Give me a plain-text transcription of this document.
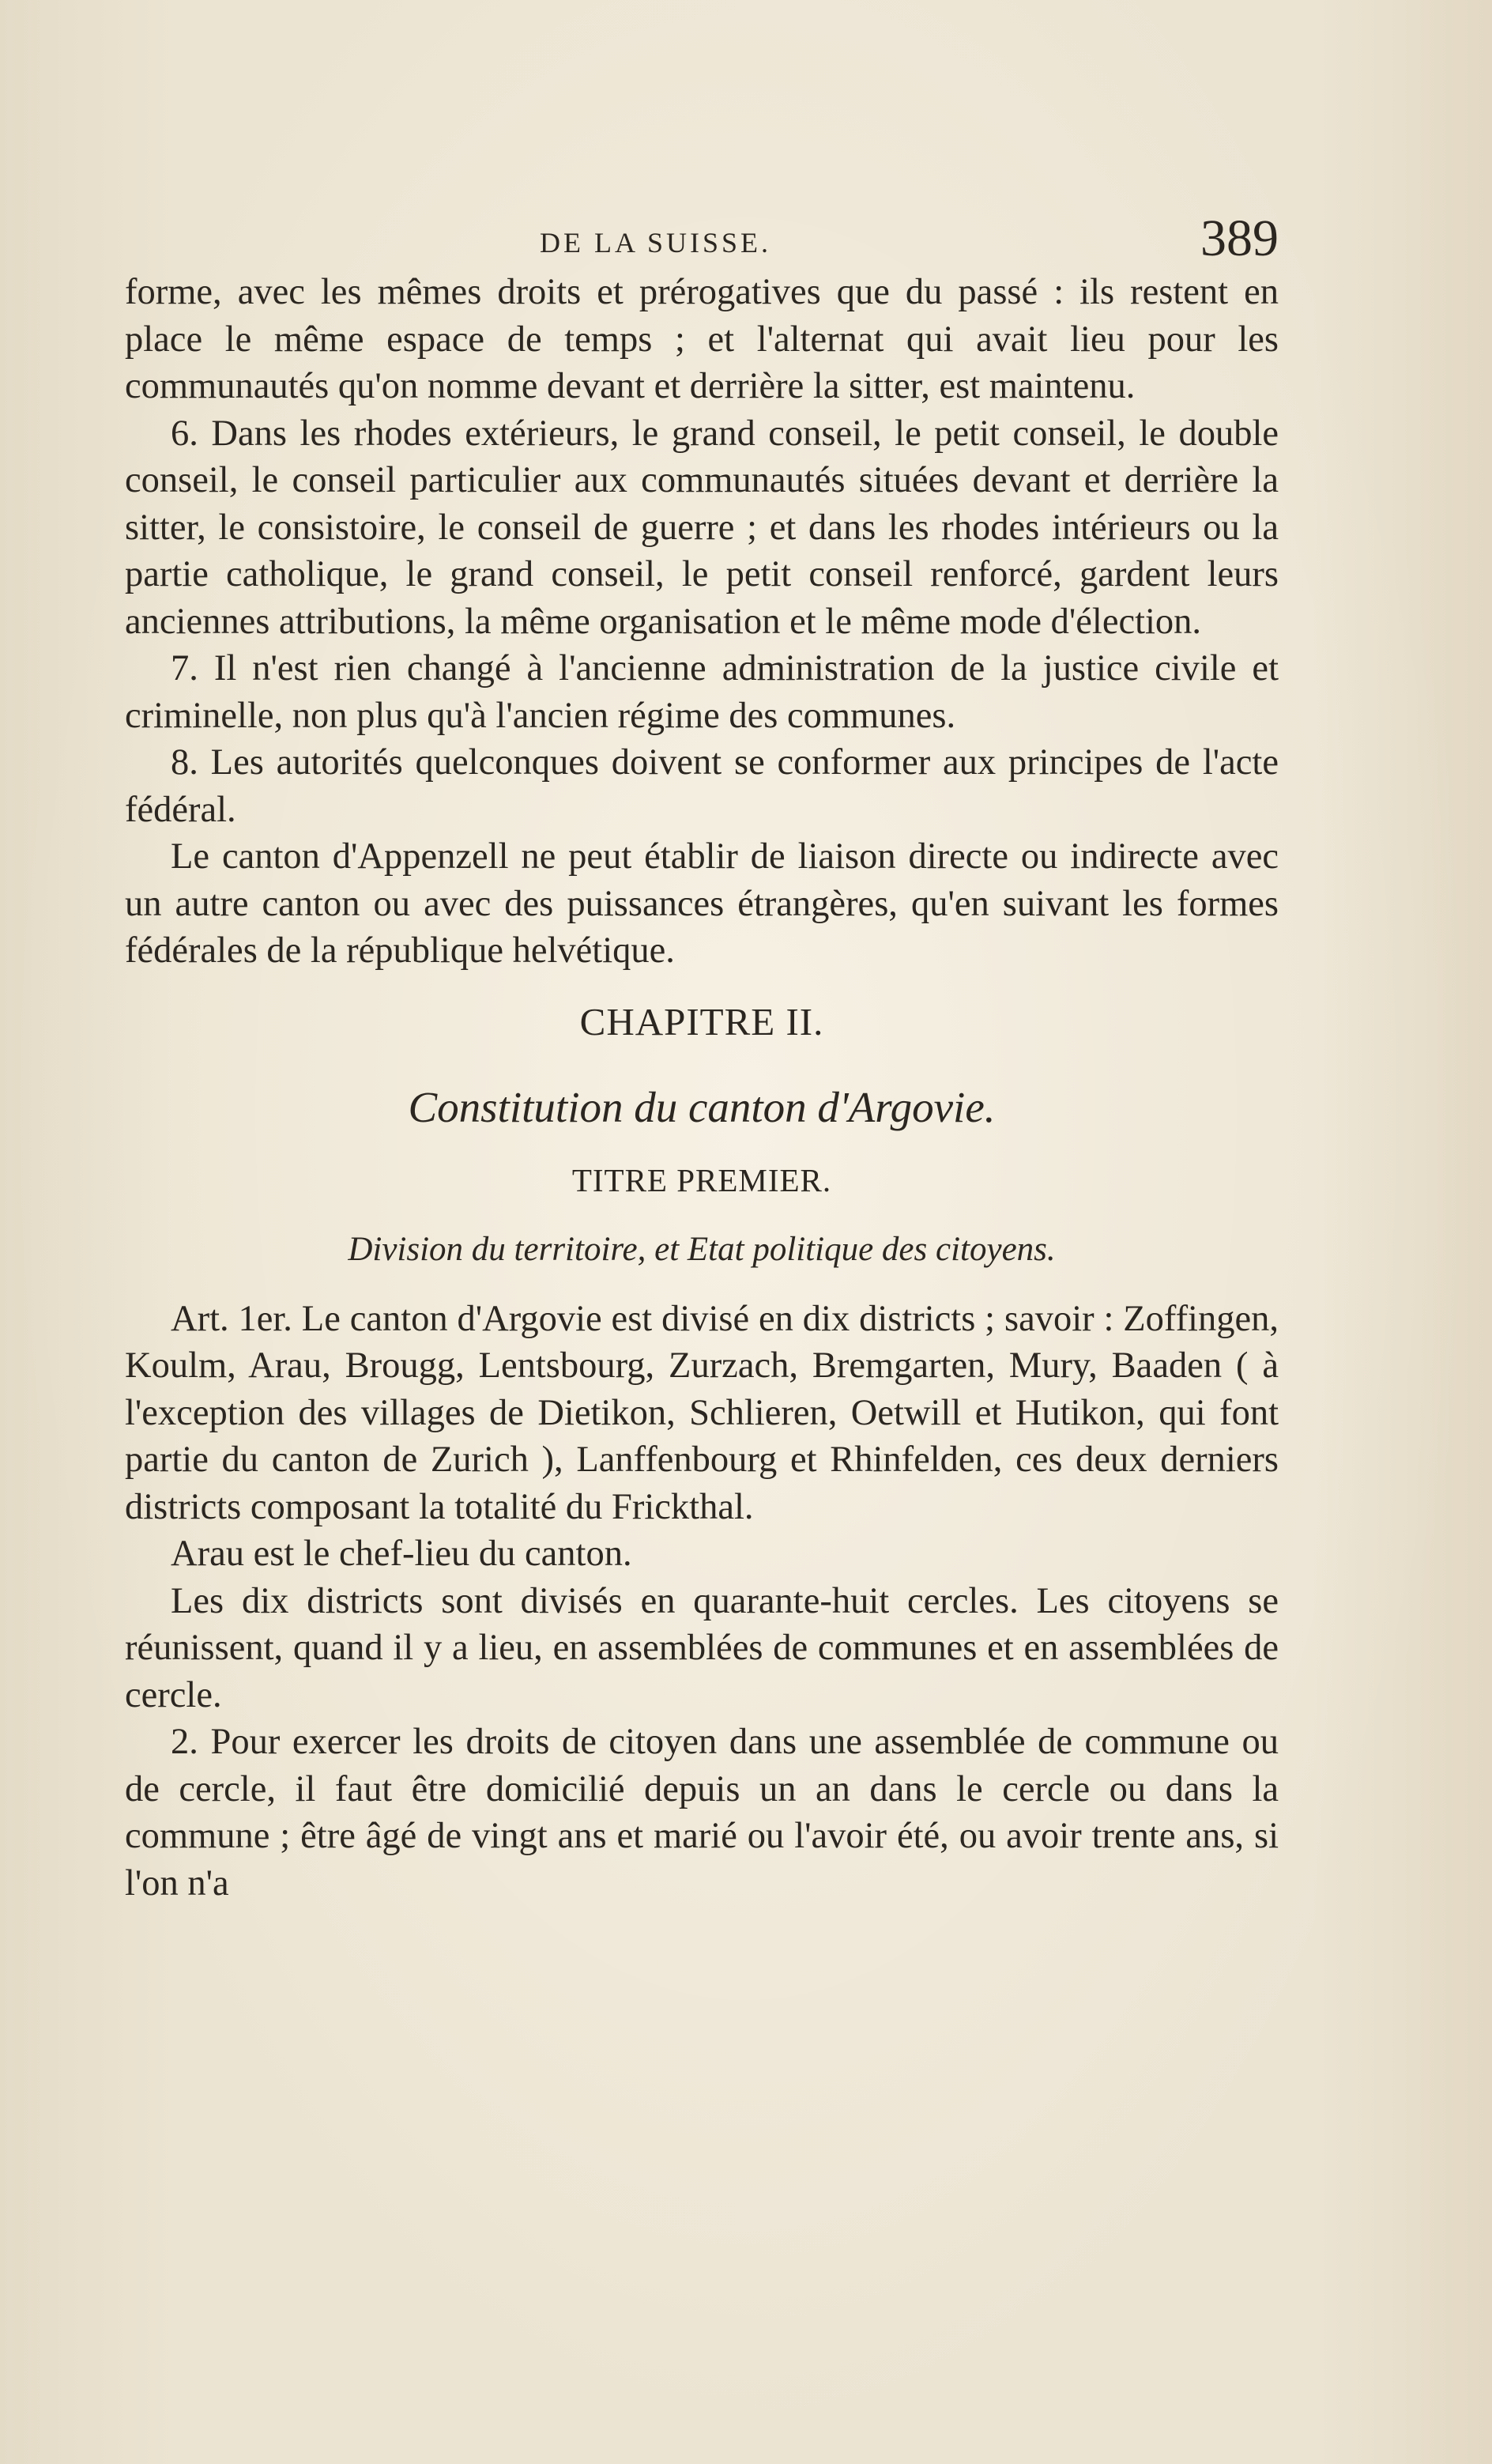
DE LA SUISSE.	389

forme, avec les mêmes droits et prérogatives que du passé : ils restent en place le même espace de temps ; et l'alternat qui avait lieu pour les communautés qu'on nomme devant et derrière la sitter, est maintenu.

6. Dans les rhodes extérieurs, le grand conseil, le petit conseil, le double conseil, le conseil particulier aux communautés situées devant et derrière la sitter, le consistoire, le conseil de guerre ; et dans les rhodes intérieurs ou la partie catholique, le grand conseil, le petit conseil renforcé, gardent leurs anciennes attributions, la même organisation et le même mode d'élection.

7. Il n'est rien changé à l'ancienne administration de la justice civile et criminelle, non plus qu'à l'ancien régime des communes.

8. Les autorités quelconques doivent se conformer aux principes de l'acte fédéral.

Le canton d'Appenzell ne peut établir de liaison directe ou indirecte avec un autre canton ou avec des puissances étrangères, qu'en suivant les formes fédérales de la république helvétique.

CHAPITRE II.

Constitution du canton d'Argovie.

TITRE PREMIER.

Division du territoire, et Etat politique des citoyens.

Art. 1er. Le canton d'Argovie est divisé en dix districts ; savoir : Zoffingen, Koulm, Arau, Brougg, Lentsbourg, Zurzach, Bremgarten, Mury, Baaden ( à l'exception des villages de Dietikon, Schlieren, Oetwill et Hutikon, qui font partie du canton de Zurich ), Lanffenbourg et Rhinfelden, ces deux derniers districts composant la totalité du Frickthal.

Arau est le chef-lieu du canton.

Les dix districts sont divisés en quarante-huit cercles. Les citoyens se réunissent, quand il y a lieu, en assemblées de communes et en assemblées de cercle.

2. Pour exercer les droits de citoyen dans une assemblée de commune ou de cercle, il faut être domicilié depuis un an dans le cercle ou dans la commune ; être âgé de vingt ans et marié ou l'avoir été, ou avoir trente ans, si l'on n'a
